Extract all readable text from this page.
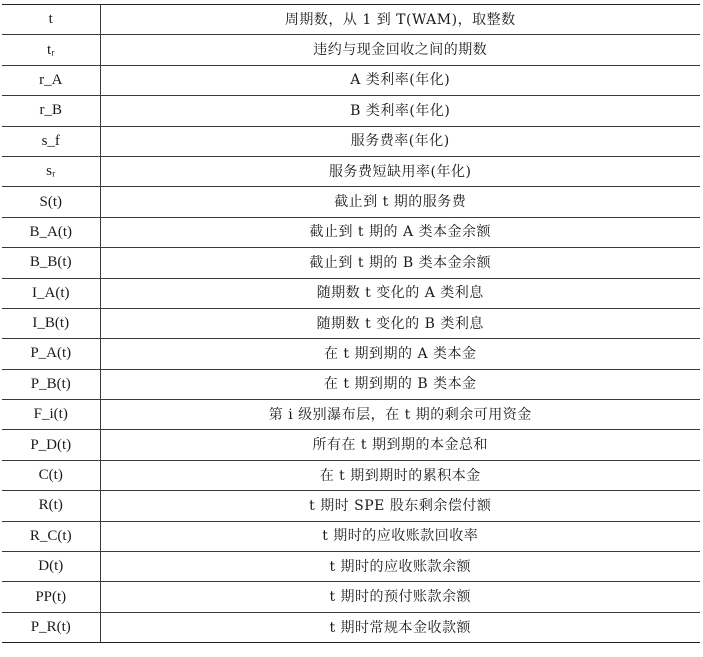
t	周期数，从 1 到 T(WAM)，取整数
tᵣ	违约与现金回收之间的期数
r_A	A 类利率(年化)
r_B	B 类利率(年化)
s_f	服务费率(年化)
sᵣ	服务费短缺用率(年化)
S(t)	截止到 t 期的服务费
B_A(t)	截止到 t 期的 A 类本金余额
B_B(t)	截止到 t 期的 B 类本金余额
I_A(t)	随期数 t 变化的 A 类利息
I_B(t)	随期数 t 变化的 B 类利息
P_A(t)	在 t 期到期的 A 类本金
P_B(t)	在 t 期到期的 B 类本金
F_i(t)	第 i 级别瀑布层，在 t 期的剩余可用资金
P_D(t)	所有在 t 期到期的本金总和
C(t)	在 t 期到期时的累积本金
R(t)	t 期时 SPE 股东剩余偿付额
R_C(t)	t 期时的应收账款回收率
D(t)	t 期时的应收账款余额
PP(t)	t 期时的预付账款余额
P_R(t)	t 期时常规本金收款额
